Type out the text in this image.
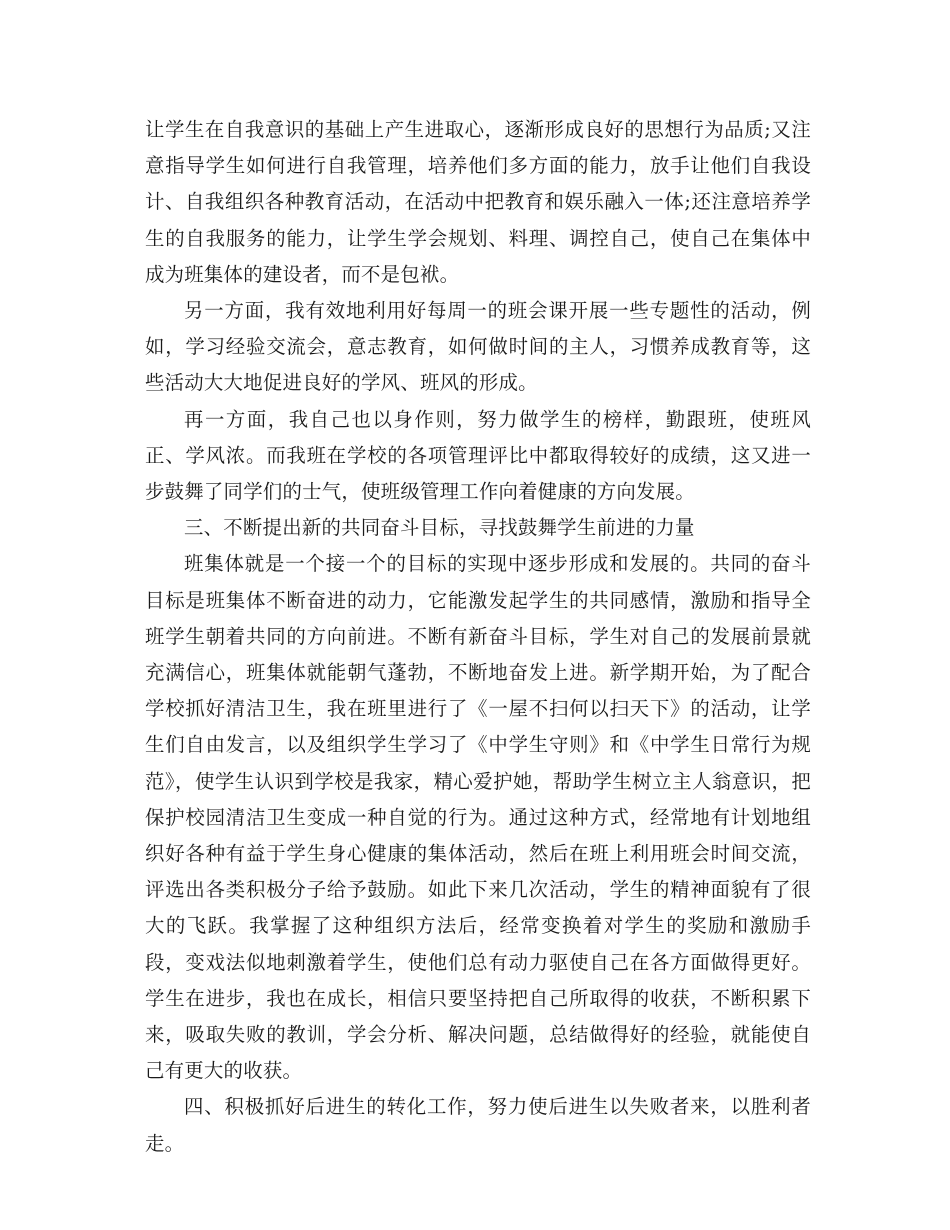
让学生在自我意识的基础上产生进取心，逐渐形成良好的思想行为品质;又注意指导学生如何进行自我管理，培养他们多方面的能力，放手让他们自我设计、自我组织各种教育活动，在活动中把教育和娱乐融入一体;还注意培养学生的自我服务的能力，让学生学会规划、料理、调控自己，使自己在集体中成为班集体的建设者，而不是包袱。

另一方面，我有效地利用好每周一的班会课开展一些专题性的活动，例如，学习经验交流会，意志教育，如何做时间的主人，习惯养成教育等，这些活动大大地促进良好的学风、班风的形成。

再一方面，我自己也以身作则，努力做学生的榜样，勤跟班，使班风正、学风浓。而我班在学校的各项管理评比中都取得较好的成绩，这又进一步鼓舞了同学们的士气，使班级管理工作向着健康的方向发展。

三、不断提出新的共同奋斗目标，寻找鼓舞学生前进的力量

班集体就是一个接一个的目标的实现中逐步形成和发展的。共同的奋斗目标是班集体不断奋进的动力，它能激发起学生的共同感情，激励和指导全班学生朝着共同的方向前进。不断有新奋斗目标，学生对自己的发展前景就充满信心，班集体就能朝气蓬勃，不断地奋发上进。新学期开始，为了配合学校抓好清洁卫生，我在班里进行了《一屋不扫何以扫天下》的活动，让学生们自由发言，以及组织学生学习了《中学生守则》和《中学生日常行为规范》，使学生认识到学校是我家，精心爱护她，帮助学生树立主人翁意识，把保护校园清洁卫生变成一种自觉的行为。通过这种方式，经常地有计划地组织好各种有益于学生身心健康的集体活动，然后在班上利用班会时间交流，评选出各类积极分子给予鼓励。如此下来几次活动，学生的精神面貌有了很大的飞跃。我掌握了这种组织方法后，经常变换着对学生的奖励和激励手段，变戏法似地刺激着学生，使他们总有动力驱使自己在各方面做得更好。学生在进步，我也在成长，相信只要坚持把自己所取得的收获，不断积累下来，吸取失败的教训，学会分析、解决问题，总结做得好的经验，就能使自己有更大的收获。

四、积极抓好后进生的转化工作，努力使后进生以失败者来，以胜利者走。
